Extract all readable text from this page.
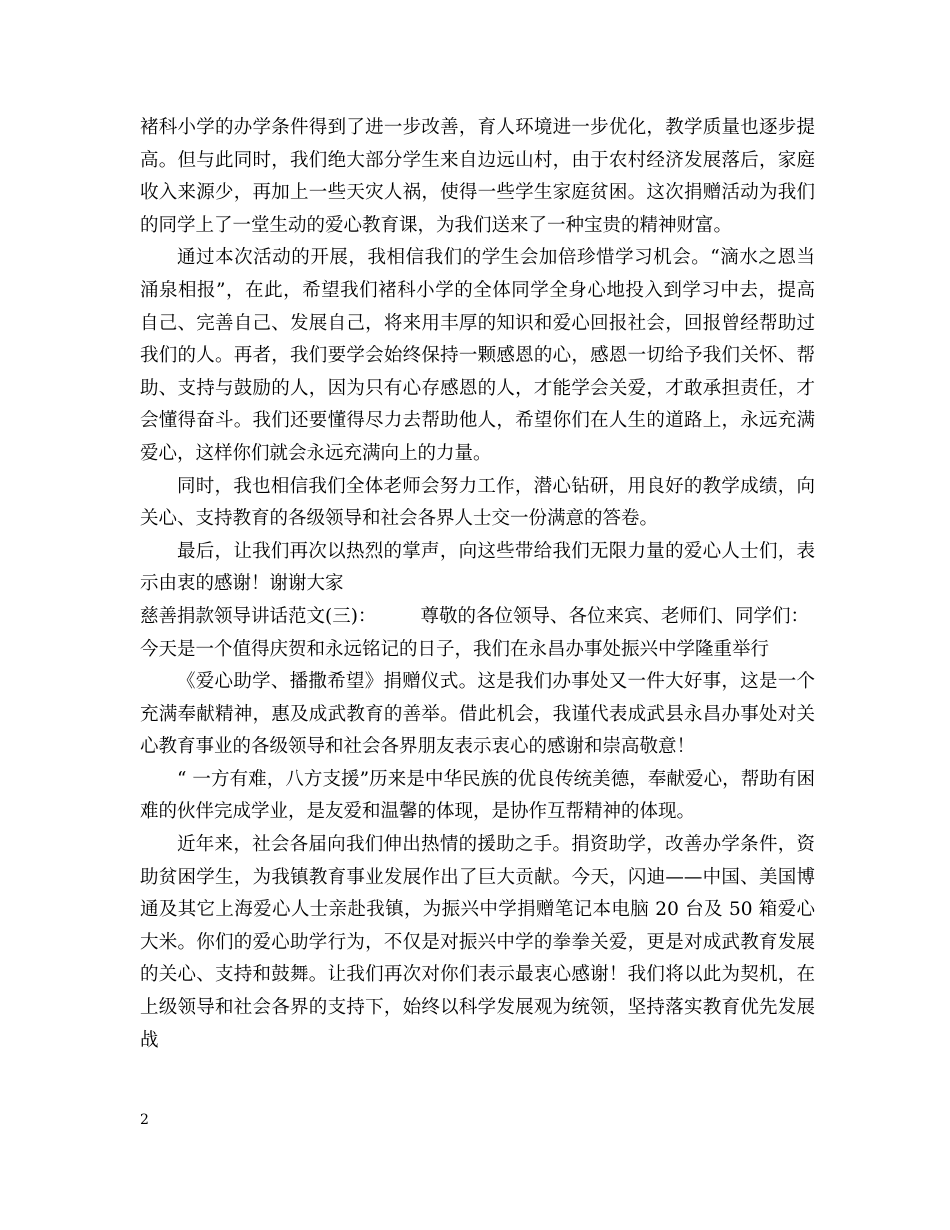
褚科小学的办学条件得到了进一步改善，育人环境进一步优化，教学质量也逐步提高。但与此同时，我们绝大部分学生来自边远山村，由于农村经济发展落后，家庭收入来源少，再加上一些天灾人祸，使得一些学生家庭贫困。这次捐赠活动为我们的同学上了一堂生动的爱心教育课，为我们送来了一种宝贵的精神财富。

通过本次活动的开展，我相信我们的学生会加倍珍惜学习机会。“滴水之恩当涌泉相报”，在此，希望我们褚科小学的全体同学全身心地投入到学习中去，提高自己、完善自己、发展自己，将来用丰厚的知识和爱心回报社会，回报曾经帮助过我们的人。再者，我们要学会始终保持一颗感恩的心，感恩一切给予我们关怀、帮助、支持与鼓励的人，因为只有心存感恩的人，才能学会关爱，才敢承担责任，才会懂得奋斗。我们还要懂得尽力去帮助他人，希望你们在人生的道路上，永远充满爱心，这样你们就会永远充满向上的力量。

同时，我也相信我们全体老师会努力工作，潜心钻研，用良好的教学成绩，向关心、支持教育的各级领导和社会各界人士交一份满意的答卷。

最后，让我们再次以热烈的掌声，向这些带给我们无限力量的爱心人士们，表示由衷的感谢！谢谢大家

慈善捐款领导讲话范文(三)： 尊敬的各位领导、各位来宾、老师们、同学们：

今天是一个值得庆贺和永远铭记的日子，我们在永昌办事处振兴中学隆重举行

《爱心助学、播撒希望》捐赠仪式。这是我们办事处又一件大好事，这是一个充满奉献精神，惠及成武教育的善举。借此机会，我谨代表成武县永昌办事处对关心教育事业的各级领导和社会各界朋友表示衷心的感谢和崇高敬意！

“ 一方有难，八方支援”历来是中华民族的优良传统美德，奉献爱心，帮助有困难的伙伴完成学业，是友爱和温馨的体现，是协作互帮精神的体现。

近年来，社会各届向我们伸出热情的援助之手。捐资助学，改善办学条件，资助贫困学生，为我镇教育事业发展作出了巨大贡献。今天，闪迪——中国、美国博通及其它上海爱心人士亲赴我镇，为振兴中学捐赠笔记本电脑 20 台及 50 箱爱心大米。你们的爱心助学行为，不仅是对振兴中学的拳拳关爱，更是对成武教育发展的关心、支持和鼓舞。让我们再次对你们表示最衷心感谢！我们将以此为契机，在上级领导和社会各界的支持下，始终以科学发展观为统领，坚持落实教育优先发展战

2
